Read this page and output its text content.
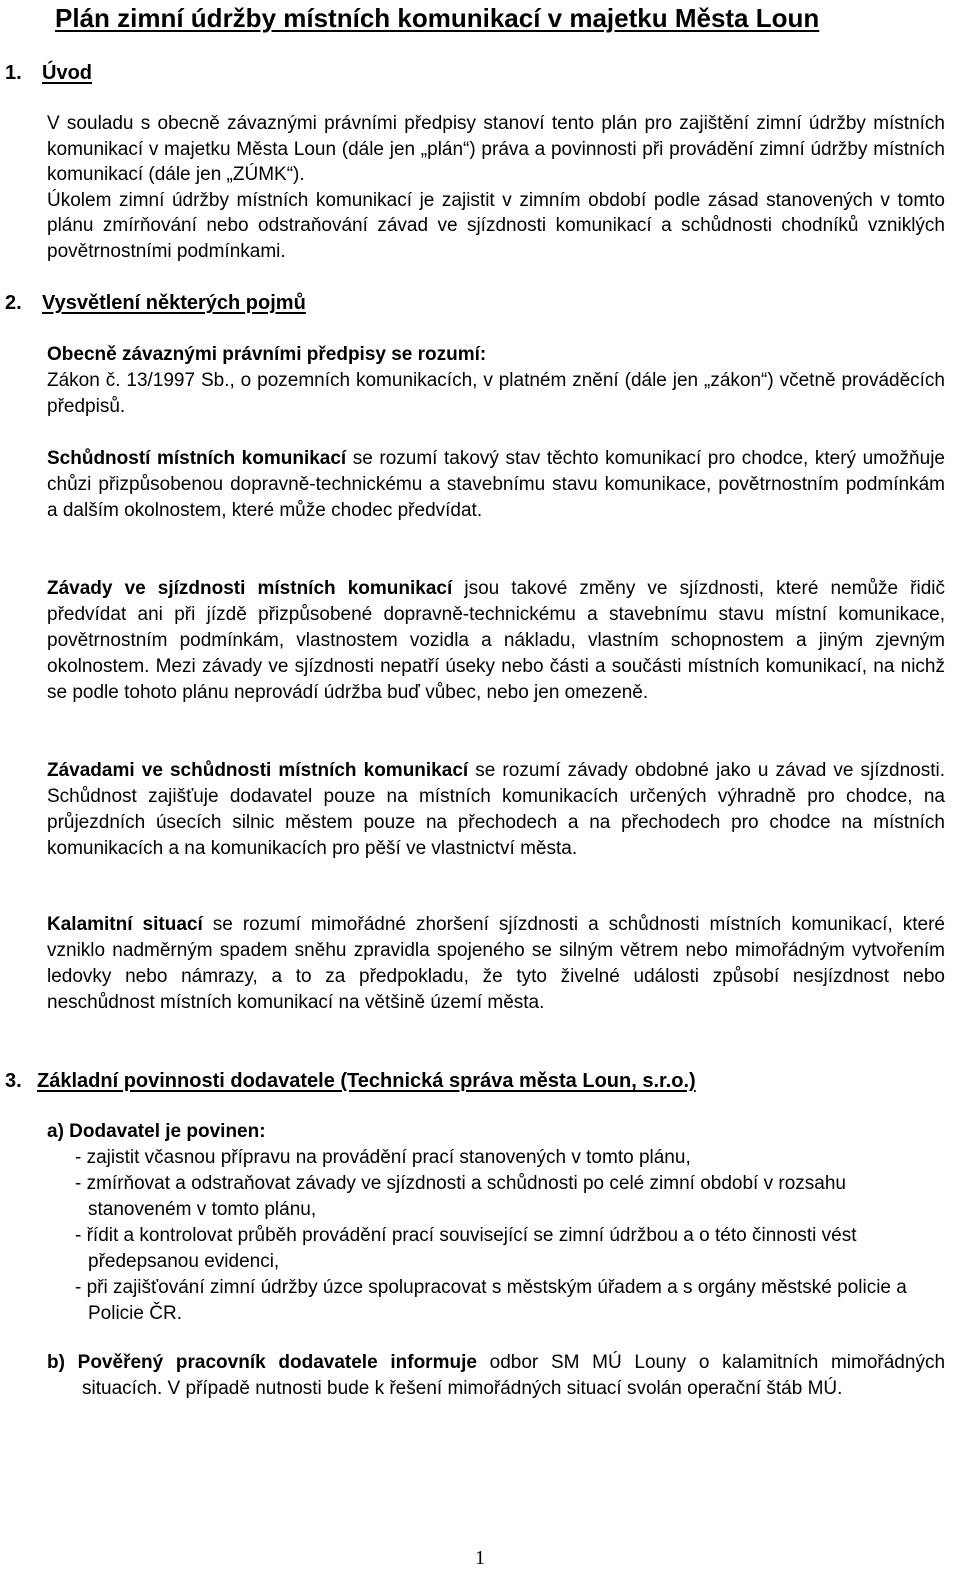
Plán zimní údržby místních komunikací v majetku Města Loun
1. Úvod

V souladu s obecně závaznými právními předpisy stanoví tento plán pro zajištění zimní údržby místních komunikací v majetku Města Loun (dále jen „plán“) práva a povinnosti při provádění zimní údržby místních komunikací (dále jen „ZÚMK“).

Úkolem zimní údržby místních komunikací je zajistit v zimním období podle zásad stanovených v tomto plánu zmírňování nebo odstraňování závad ve sjízdnosti komunikací a schůdnosti chodníků vzniklých povětrnostními podmínkami.

2. Vysvětlení některých pojmů
Obecně závaznými právními předpisy se rozumí:

Zákon č. 13/1997 Sb., o pozemních komunikacích, v platném znění (dále jen „zákon“) včetně prováděcích předpisů.

Schůdností místních komunikací se rozumí takový stav těchto komunikací pro chodce, který umožňuje chůzi přizpůsobenou dopravně-technickému a stavebnímu stavu komunikace, povětrnostním podmínkám a dalším okolnostem, které může chodec předvídat.

Závady ve sjízdnosti místních komunikací jsou takové změny ve sjízdnosti, které nemůže řidič předvídat ani při jízdě přizpůsobené dopravně-technickému a stavebnímu stavu místní komunikace, povětrnostním podmínkám, vlastnostem vozidla a nákladu, vlastním schopnostem a jiným zjevným okolnostem. Mezi závady ve sjízdnosti nepatří úseky nebo části a součásti místních komunikací, na nichž se podle tohoto plánu neprovádí údržba buď vůbec, nebo jen omezeně.

Závadami ve schůdnosti místních komunikací se rozumí závady obdobné jako u závad ve sjízdnosti. Schůdnost zajišťuje dodavatel pouze na místních komunikacích určených výhradně pro chodce, na průjezdních úsecích silnic městem pouze na přechodech a na přechodech pro chodce na místních komunikacích a na komunikacích pro pěší ve vlastnictví města.

Kalamitní situací se rozumí mimořádné zhoršení sjízdnosti a schůdnosti místních komunikací, které vzniklo nadměrným spadem sněhu zpravidla spojeného se silným větrem nebo mimořádným vytvořením ledovky nebo námrazy, a to za předpokladu, že tyto živelné události způsobí nesjízdnost nebo neschůdnost místních komunikací na většině území města.

3. Základní povinnosti dodavatele (Technická správa města Loun, s.r.o.)
a) Dodavatel je povinen:
- zajistit včasnou přípravu na provádění prací stanovených v tomto plánu,
- zmírňovat a odstraňovat závady ve sjízdnosti a schůdnosti po celé zimní období v rozsahu stanoveném v tomto plánu,
- řídit a kontrolovat průběh provádění prací související se zimní údržbou a o této činnosti vést předepsanou evidenci,
- při zajišťování zimní údržby úzce spolupracovat s městským úřadem a s orgány městské policie a Policie ČR.

b) Pověřený pracovník dodavatele informuje odbor SM MÚ Louny o kalamitních mimořádných situacích. V případě nutnosti bude k řešení mimořádných situací svolán operační štáb MÚ.

1
